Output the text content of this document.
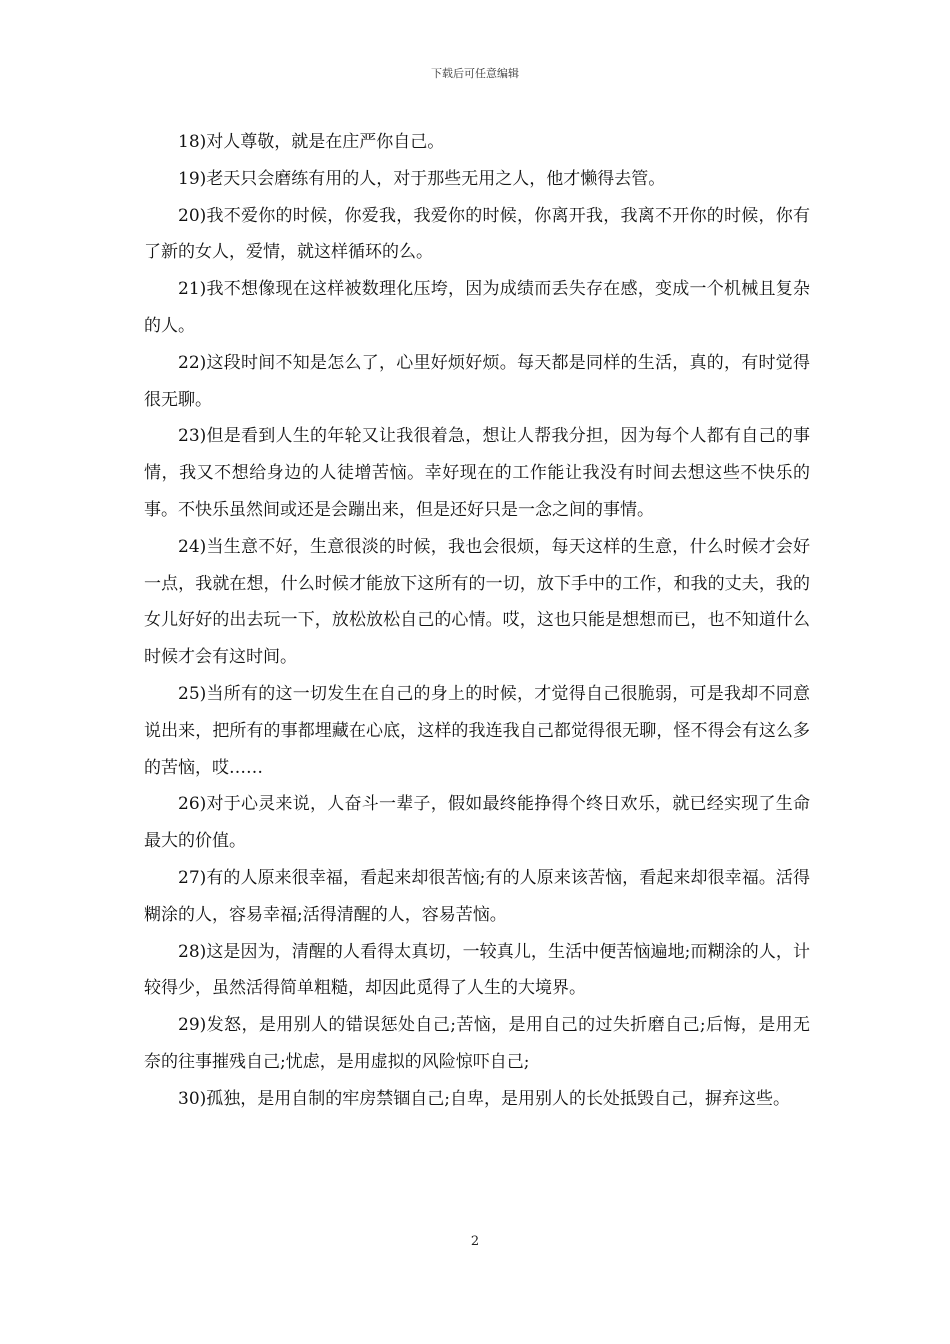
下载后可任意编辑

18)对人尊敬，就是在庄严你自己。

19)老天只会磨练有用的人，对于那些无用之人，他才懒得去管。

20)我不爱你的时候，你爱我，我爱你的时候，你离开我，我离不开你的时候，你有了新的女人，爱情，就这样循环的么。

21)我不想像现在这样被数理化压垮，因为成绩而丢失存在感，变成一个机械且复杂的人。

22)这段时间不知是怎么了，心里好烦好烦。每天都是同样的生活，真的，有时觉得很无聊。

23)但是看到人生的年轮又让我很着急，想让人帮我分担，因为每个人都有自己的事情，我又不想给身边的人徒增苦恼。幸好现在的工作能让我没有时间去想这些不快乐的事。不快乐虽然间或还是会蹦出来，但是还好只是一念之间的事情。

24)当生意不好，生意很淡的时候，我也会很烦，每天这样的生意，什么时候才会好一点，我就在想，什么时候才能放下这所有的一切，放下手中的工作，和我的丈夫，我的女儿好好的出去玩一下，放松放松自己的心情。哎，这也只能是想想而已，也不知道什么时候才会有这时间。

25)当所有的这一切发生在自己的身上的时候，才觉得自己很脆弱，可是我却不同意说出来，把所有的事都埋藏在心底，这样的我连我自己都觉得很无聊，怪不得会有这么多的苦恼，哎……

26)对于心灵来说，人奋斗一辈子，假如最终能挣得个终日欢乐，就已经实现了生命最大的价值。

27)有的人原来很幸福，看起来却很苦恼;有的人原来该苦恼，看起来却很幸福。活得糊涂的人，容易幸福;活得清醒的人，容易苦恼。

28)这是因为，清醒的人看得太真切，一较真儿，生活中便苦恼遍地;而糊涂的人，计较得少，虽然活得简单粗糙，却因此觅得了人生的大境界。

29)发怒，是用别人的错误惩处自己;苦恼，是用自己的过失折磨自己;后悔，是用无奈的往事摧残自己;忧虑，是用虚拟的风险惊吓自己;

30)孤独，是用自制的牢房禁锢自己;自卑，是用别人的长处抵毁自己，摒弃这些。

2
